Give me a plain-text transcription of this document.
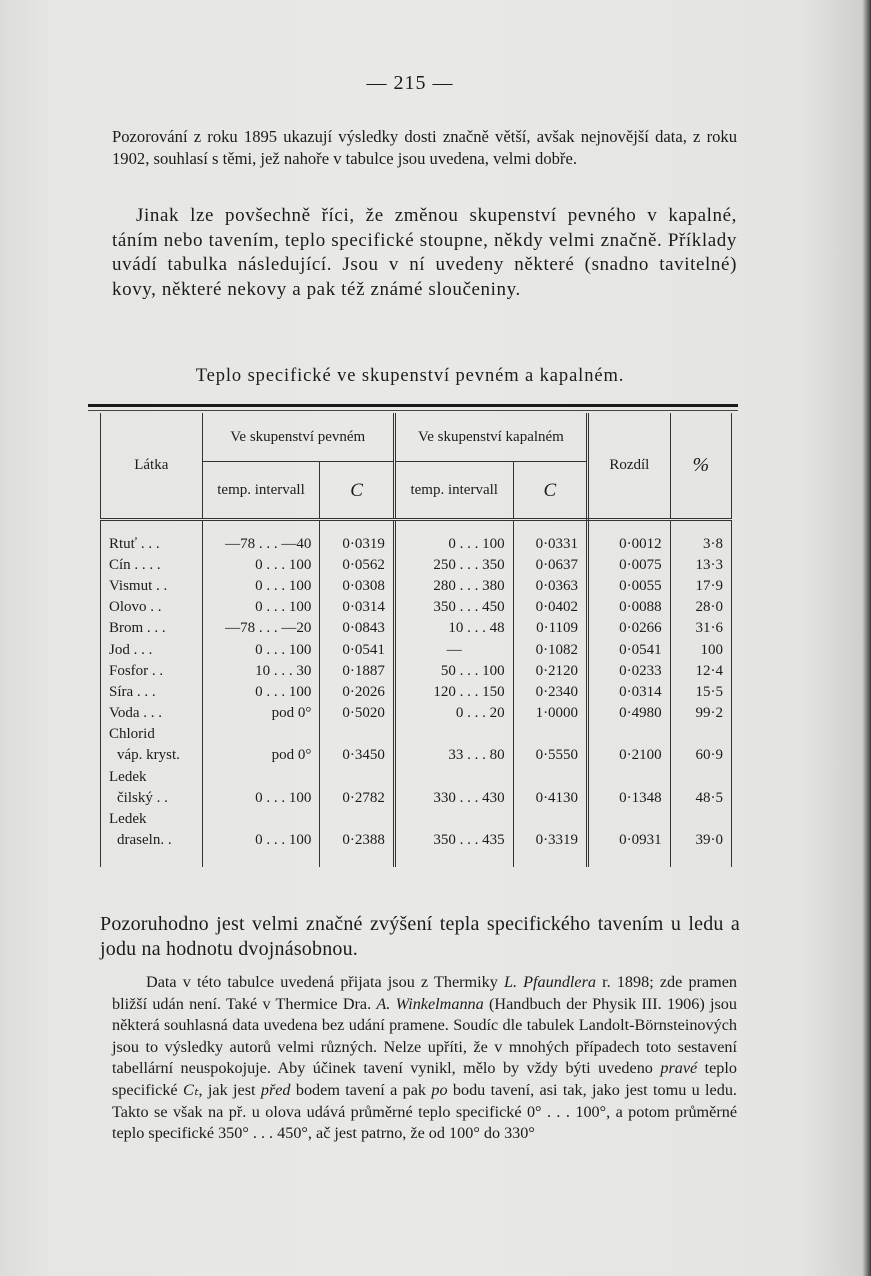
— 215 —
Pozorování z roku 1895 ukazují výsledky dosti značně větší, avšak nejnovější data, z roku 1902, souhlasí s těmi, jež nahoře v tabulce jsou uvedena, velmi dobře.
Jinak lze povšechně říci, že změnou skupenství pevného v kapalné, táním nebo tavením, teplo specifické stoupne, někdy velmi značně. Příklady uvádí tabulka následující. Jsou v ní uvedeny některé (snadno tavitelné) kovy, některé nekovy a pak též známé sloučeniny.
Teplo specifické ve skupenství pevném a kapalném.
Látka	Ve skupenství pevném		Ve skupenství kapalném		Rozdíl	%
	temp. intervall	C	temp. intervall	C		
Rtuť . . .	—78 . . . —40	0·0319	0 . . . 100	0·0331	0·0012	3·8
Cín . . . .	0 . . . 100	0·0562	250 . . . 350	0·0637	0·0075	13·3
Vismut . .	0 . . . 100	0·0308	280 . . . 380	0·0363	0·0055	17·9
Olovo . .	0 . . . 100	0·0314	350 . . . 450	0·0402	0·0088	28·0
Brom . . .	—78 . . . —20	0·0843	10 . . . 48	0·1109	0·0266	31·6
Jod . . .	0 . . . 100	0·0541	—	0·1082	0·0541	100
Fosfor . .	10 . . . 30	0·1887	50 . . . 100	0·2120	0·0233	12·4
Síra . . .	0 . . . 100	0·2026	120 . . . 150	0·2340	0·0314	15·5
Voda . . .	pod 0°	0·5020	0 . . . 20	1·0000	0·4980	99·2
Chlorid						
váp. kryst.	pod 0°	0·3450	33 . . . 80	0·5550	0·2100	60·9
Ledek						
čilský . .	0 . . . 100	0·2782	330 . . . 430	0·4130	0·1348	48·5
Ledek						
draseln. .	0 . . . 100	0·2388	350 . . . 435	0·3319	0·0931	39·0
Pozoruhodno jest velmi značné zvýšení tepla specifického tavením u ledu a jodu na hodnotu dvojnásobnou.
Data v této tabulce uvedená přijata jsou z Thermiky L. Pfaundlera r. 1898; zde pramen bližší udán není. Také v Thermice Dra. A. Winkelmanna (Handbuch der Physik III. 1906) jsou některá souhlasná data uvedena bez udání pramene. Soudíc dle tabulek Landolt-Börnsteinových jsou to výsledky autorů velmi různých. Nelze upříti, že v mnohých případech toto sestavení tabellární neuspokojuje. Aby účinek tavení vynikl, mělo by vždy býti uvedeno pravé teplo specifické Cₜ, jak jest před bodem tavení a pak po bodu tavení, asi tak, jako jest tomu u ledu. Takto se však na př. u olova udává průměrné teplo specifické 0° . . . 100°, a potom průměrné teplo specifické 350° . . . 450°, ač jest patrno, že od 100° do 330°
